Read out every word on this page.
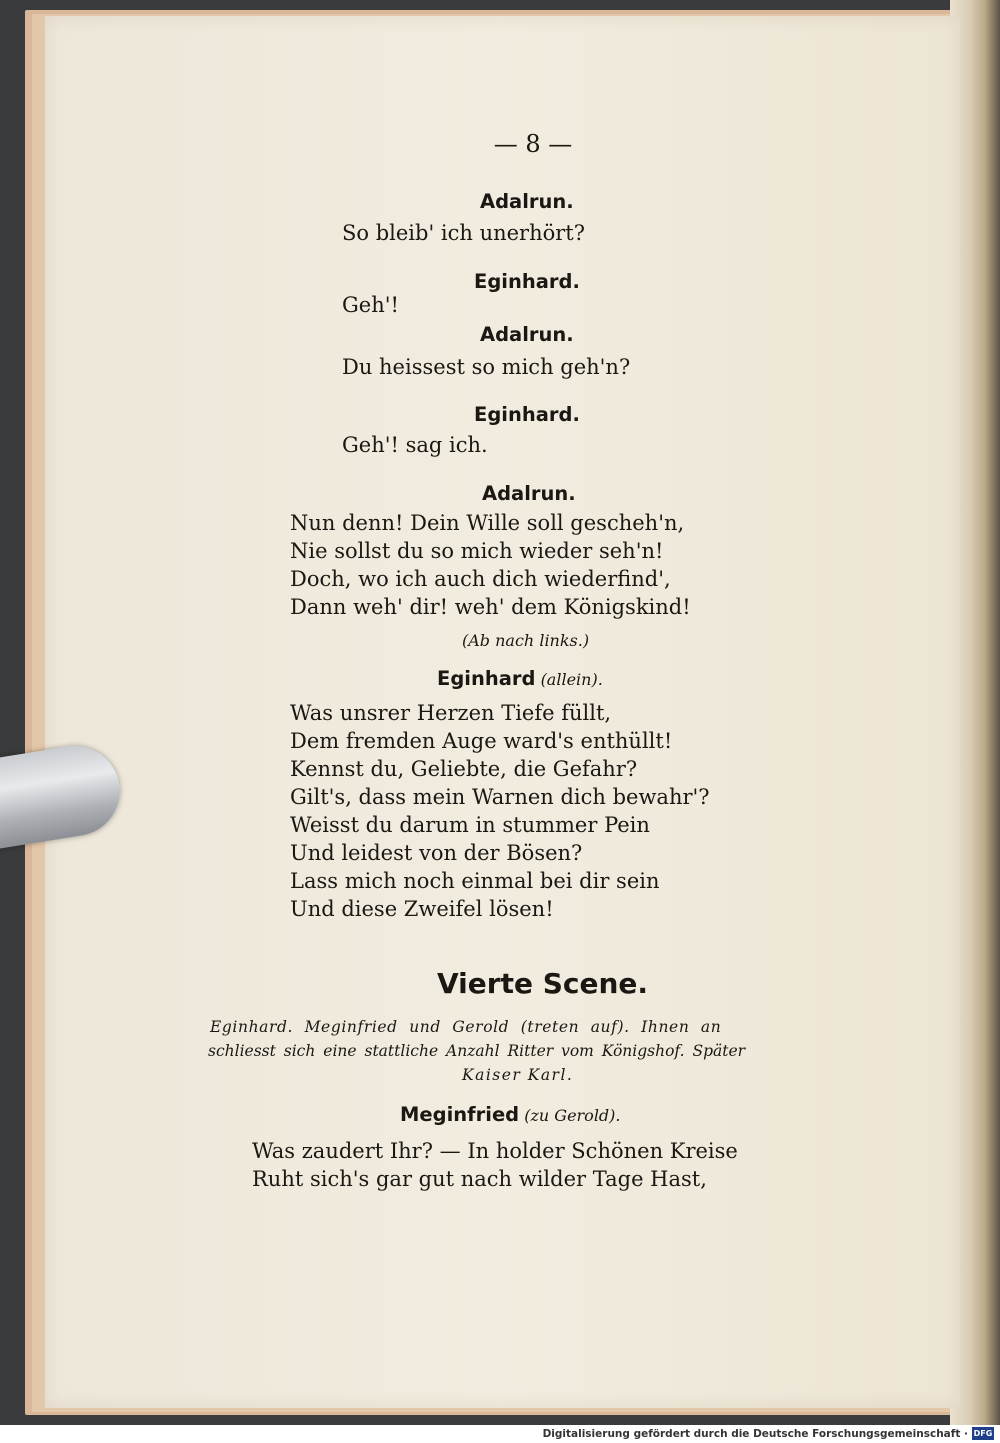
— 8 —
Adalrun.
So bleib' ich unerhört?
Eginhard.
Geh'!
Adalrun.
Du heissest so mich geh'n?
Eginhard.
Geh'! sag ich.
Adalrun.
Nun denn! Dein Wille soll gescheh'n,
Nie sollst du so mich wieder seh'n!
Doch, wo ich auch dich wiederfind',
Dann weh' dir! weh' dem Königskind!
(Ab nach links.)
Eginhard (allein).
Was unsrer Herzen Tiefe füllt,
Dem fremden Auge ward's enthüllt!
Kennst du, Geliebte, die Gefahr?
Gilt's, dass mein Warnen dich bewahr'?
Weisst du darum in stummer Pein
Und leidest von der Bösen?
Lass mich noch einmal bei dir sein
Und diese Zweifel lösen!
Vierte Scene.
Eginhard. Meginfried und Gerold (treten auf). Ihnen an
schliesst sich eine stattliche Anzahl Ritter vom Königshof. Später
Kaiser Karl.
Meginfried (zu Gerold).
Was zaudert Ihr? — In holder Schönen Kreise
Ruht sich's gar gut nach wilder Tage Hast,
Digitalisierung gefördert durch die Deutsche Forschungsgemeinschaft · DFG
